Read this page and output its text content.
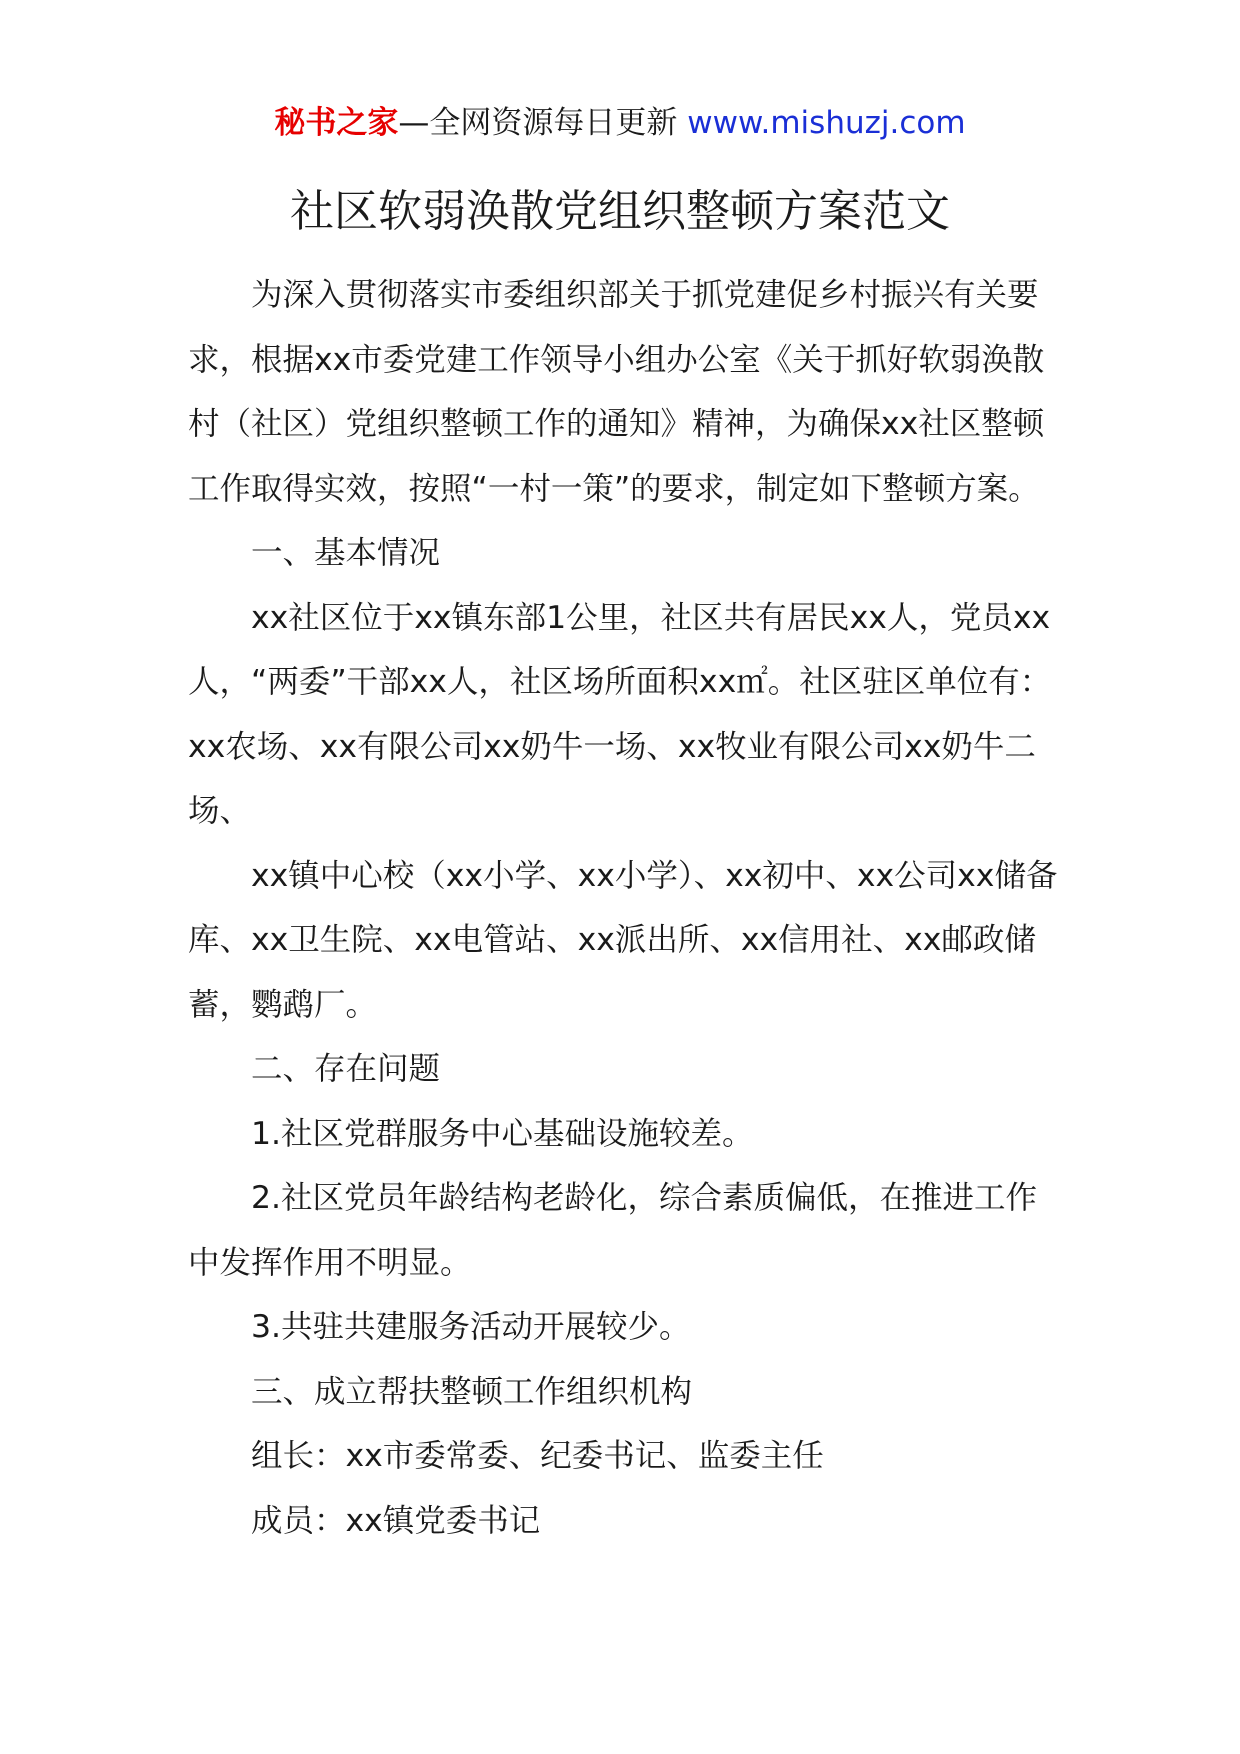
秘书之家—全网资源每日更新 www.mishuzj.com
社区软弱涣散党组织整顿方案范文

为深入贯彻落实市委组织部关于抓党建促乡村振兴有关要求，根据xx市委党建工作领导小组办公室《关于抓好软弱涣散村（社区）党组织整顿工作的通知》精神，为确保xx社区整顿工作取得实效，按照“一村一策”的要求，制定如下整顿方案。

一、基本情况

xx社区位于xx镇东部1公里，社区共有居民xx人，党员xx人，“两委”干部xx人，社区场所面积xx㎡。社区驻区单位有：xx农场、xx有限公司xx奶牛一场、xx牧业有限公司xx奶牛二场、

xx镇中心校（xx小学、xx小学）、xx初中、xx公司xx储备库、xx卫生院、xx电管站、xx派出所、xx信用社、xx邮政储蓄，鹦鹉厂。

二、存在问题

1.社区党群服务中心基础设施较差。

2.社区党员年龄结构老龄化，综合素质偏低，在推进工作中发挥作用不明显。

3.共驻共建服务活动开展较少。

三、成立帮扶整顿工作组织机构

组长：xx市委常委、纪委书记、监委主任

成员：xx镇党委书记
